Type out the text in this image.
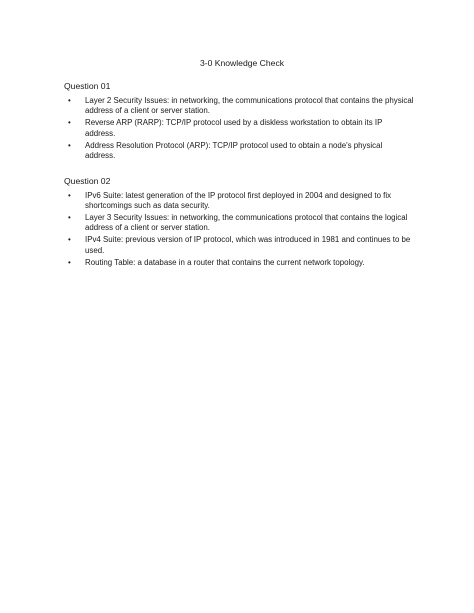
3-0 Knowledge Check
Question 01
• Layer 2 Security Issues: in networking, the communications protocol that contains the physical address of a client or server station.
• Reverse ARP (RARP): TCP/IP protocol used by a diskless workstation to obtain its IP address.
• Address Resolution Protocol (ARP): TCP/IP protocol used to obtain a node's physical address.
Question 02
• IPv6 Suite: latest generation of the IP protocol first deployed in 2004 and designed to fix shortcomings such as data security.
• Layer 3 Security Issues: in networking, the communications protocol that contains the logical address of a client or server station.
• IPv4 Suite: previous version of IP protocol, which was introduced in 1981 and continues to be used.
• Routing Table: a database in a router that contains the current network topology.
